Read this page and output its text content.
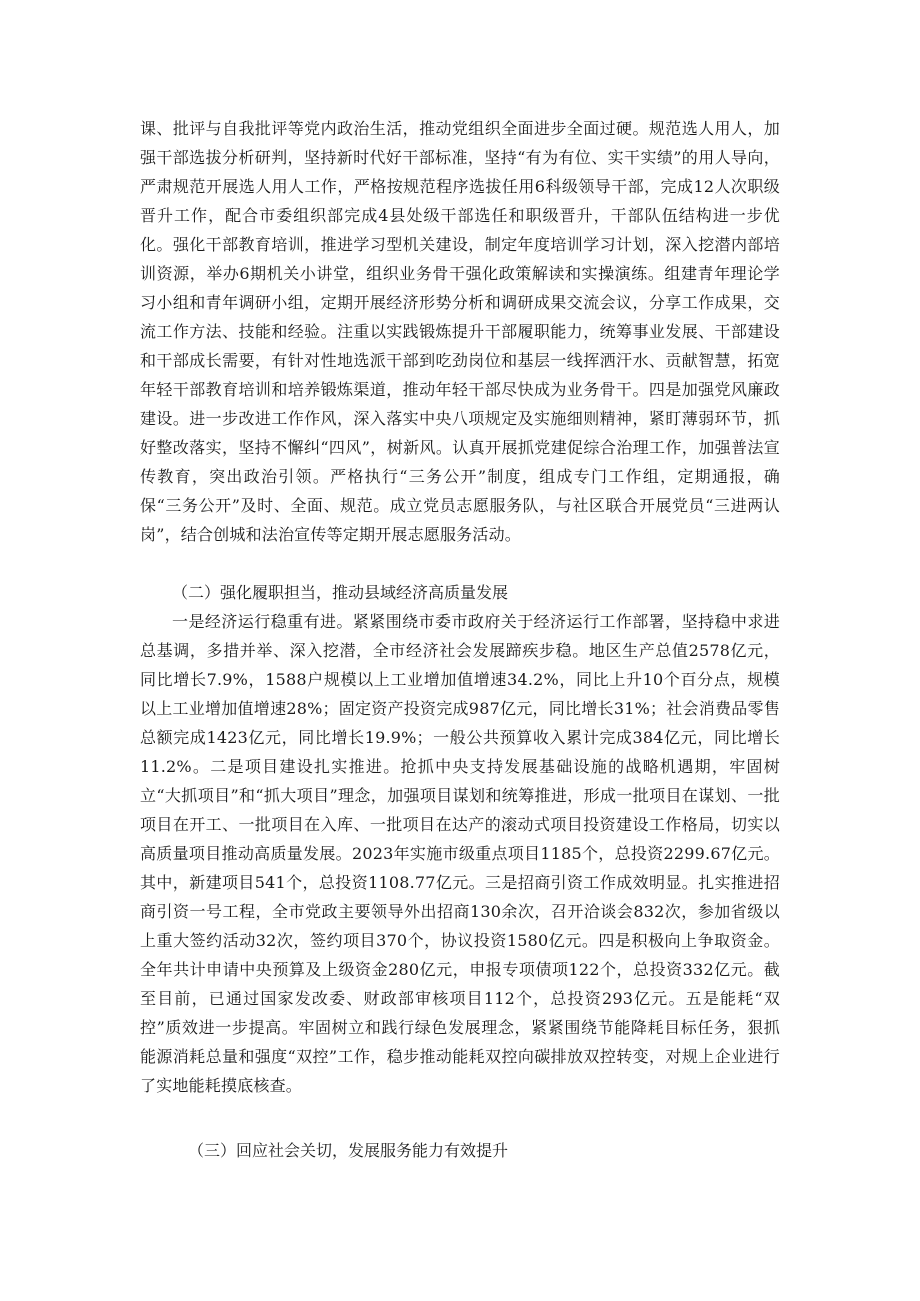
课、批评与自我批评等党内政治生活，推动党组织全面进步全面过硬。规范选人用人，加强干部选拔分析研判，坚持新时代好干部标准，坚持“有为有位、实干实绩”的用人导向，严肃规范开展选人用人工作，严格按规范程序选拔任用6科级领导干部，完成12人次职级晋升工作，配合市委组织部完成4县处级干部选任和职级晋升，干部队伍结构进一步优化。强化干部教育培训，推进学习型机关建设，制定年度培训学习计划，深入挖潜内部培训资源，举办6期机关小讲堂，组织业务骨干强化政策解读和实操演练。组建青年理论学习小组和青年调研小组，定期开展经济形势分析和调研成果交流会议，分享工作成果，交流工作方法、技能和经验。注重以实践锻炼提升干部履职能力，统筹事业发展、干部建设和干部成长需要，有针对性地选派干部到吃劲岗位和基层一线挥洒汗水、贡献智慧，拓宽年轻干部教育培训和培养锻炼渠道，推动年轻干部尽快成为业务骨干。四是加强党风廉政建设。进一步改进工作作风，深入落实中央八项规定及实施细则精神，紧盯薄弱环节，抓好整改落实，坚持不懈纠“四风”，树新风。认真开展抓党建促综合治理工作，加强普法宣传教育，突出政治引领。严格执行“三务公开”制度，组成专门工作组，定期通报，确保“三务公开”及时、全面、规范。成立党员志愿服务队，与社区联合开展党员“三进两认岗”，结合创城和法治宣传等定期开展志愿服务活动。

（二）强化履职担当，推动县域经济高质量发展

一是经济运行稳重有进。紧紧围绕市委市政府关于经济运行工作部署，坚持稳中求进总基调，多措并举、深入挖潜，全市经济社会发展蹄疾步稳。地区生产总值2578亿元，同比增长7.9%，1588户规模以上工业增加值增速34.2%，同比上升10个百分点，规模以上工业增加值增速28%；固定资产投资完成987亿元，同比增长31%；社会消费品零售总额完成1423亿元，同比增长19.9%；一般公共预算收入累计完成384亿元，同比增长11.2%。二是项目建设扎实推进。抢抓中央支持发展基础设施的战略机遇期，牢固树立“大抓项目”和“抓大项目”理念，加强项目谋划和统筹推进，形成一批项目在谋划、一批项目在开工、一批项目在入库、一批项目在达产的滚动式项目投资建设工作格局，切实以高质量项目推动高质量发展。2023年实施市级重点项目1185个，总投资2299.67亿元。其中，新建项目541个，总投资1108.77亿元。三是招商引资工作成效明显。扎实推进招商引资一号工程，全市党政主要领导外出招商130余次，召开洽谈会832次，参加省级以上重大签约活动32次，签约项目370个，协议投资1580亿元。四是积极向上争取资金。全年共计申请中央预算及上级资金280亿元，申报专项债项122个，总投资332亿元。截至目前，已通过国家发改委、财政部审核项目112个，总投资293亿元。五是能耗“双控”质效进一步提高。牢固树立和践行绿色发展理念，紧紧围绕节能降耗目标任务，狠抓能源消耗总量和强度“双控”工作，稳步推动能耗双控向碳排放双控转变，对规上企业进行了实地能耗摸底核查。

（三）回应社会关切，发展服务能力有效提升
